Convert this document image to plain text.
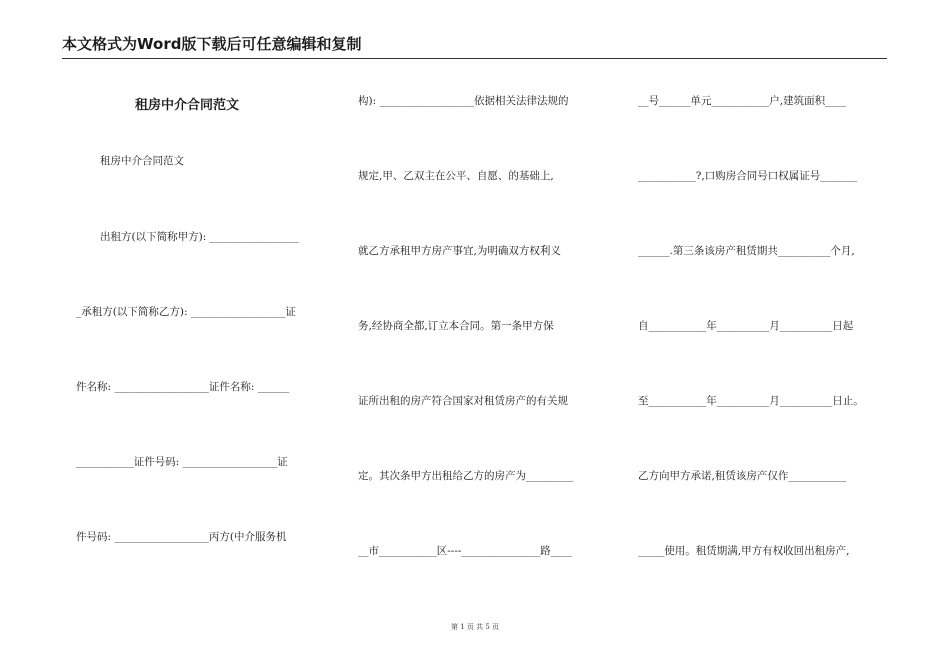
本文格式为Word版下载后可任意编辑和复制
租房中介合同范文
租房中介合同范文
出租方(以下简称甲方): _________________
_承租方(以下简称乙方): __________________证
件名称: __________________证件名称: ______
___________证件号码: __________________证
件号码: __________________丙方(中介服务机
构): __________________依据相关法律法规的
规定,甲、乙双主在公平、自愿、的基础上,
就乙方承租甲方房产事宜,为明确双方权利义
务,经协商全都,订立本合同。第一条甲方保
证所出租的房产符合国家对租赁房产的有关规
定。其次条甲方出租给乙方的房产为_________
__市___________区----_______________路____
__号______单元___________户,建筑面积____
___________?,口购房合同号口权属证号_______
______.第三条该房产租赁期共__________个月,
自___________年__________月__________日起
至___________年__________月__________日止。
乙方向甲方承诺,租赁该房产仅作___________
_____使用。租赁期满,甲方有权收回出租房产,
第 1 页 共 5 页
